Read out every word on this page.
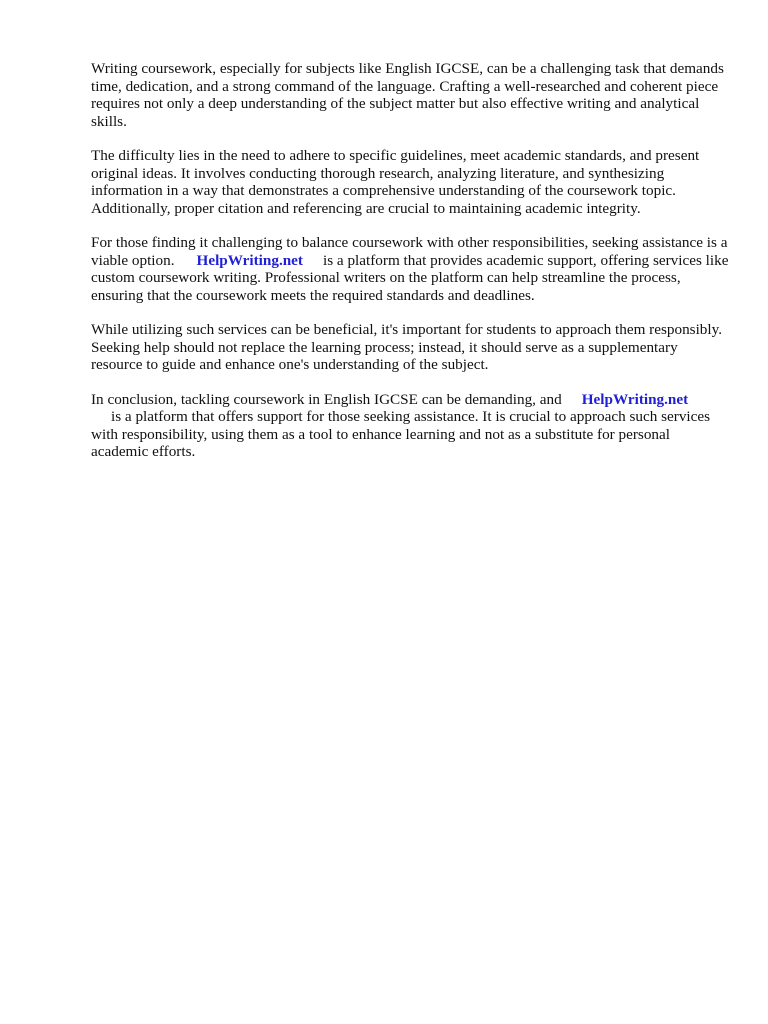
Writing coursework, especially for subjects like English IGCSE, can be a challenging task that demands time, dedication, and a strong command of the language. Crafting a well-researched and coherent piece requires not only a deep understanding of the subject matter but also effective writing and analytical skills.

The difficulty lies in the need to adhere to specific guidelines, meet academic standards, and present original ideas. It involves conducting thorough research, analyzing literature, and synthesizing information in a way that demonstrates a comprehensive understanding of the coursework topic. Additionally, proper citation and referencing are crucial to maintaining academic integrity.

For those finding it challenging to balance coursework with other responsibilities, seeking assistance is a viable option. HelpWriting.net is a platform that provides academic support, offering services like custom coursework writing. Professional writers on the platform can help streamline the process, ensuring that the coursework meets the required standards and deadlines.

While utilizing such services can be beneficial, it's important for students to approach them responsibly. Seeking help should not replace the learning process; instead, it should serve as a supplementary resource to guide and enhance one's understanding of the subject.

In conclusion, tackling coursework in English IGCSE can be demanding, and HelpWriting.net
is a platform that offers support for those seeking assistance. It is crucial to approach such services with responsibility, using them as a tool to enhance learning and not as a substitute for personal academic efforts.
